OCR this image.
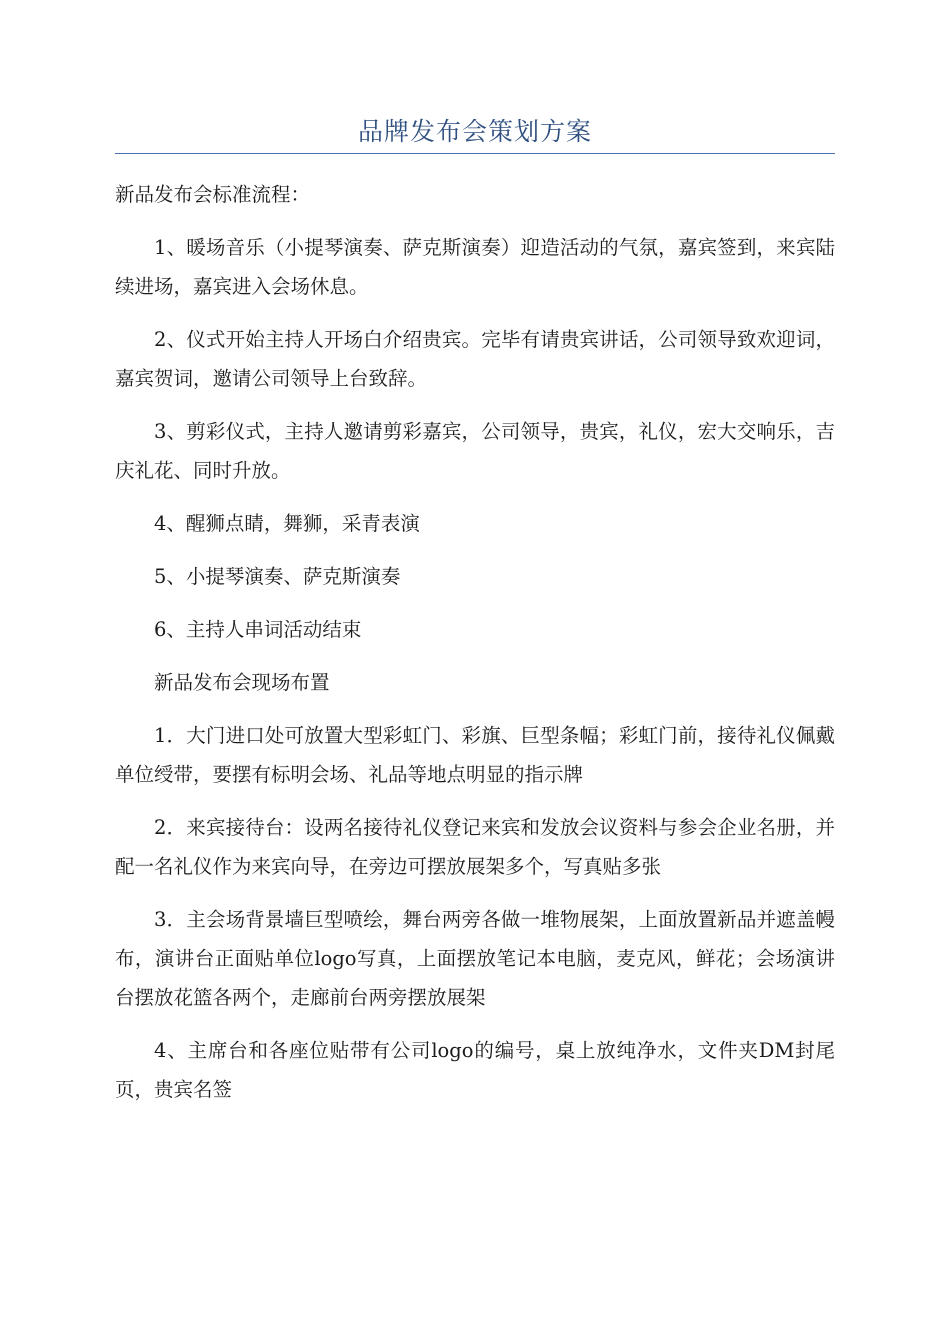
品牌发布会策划方案

新品发布会标准流程：

1、暖场音乐（小提琴演奏、萨克斯演奏）迎造活动的气氛，嘉宾签到，来宾陆续进场，嘉宾进入会场休息。

2、仪式开始主持人开场白介绍贵宾。完毕有请贵宾讲话，公司领导致欢迎词，嘉宾贺词，邀请公司领导上台致辞。

3、剪彩仪式，主持人邀请剪彩嘉宾，公司领导，贵宾，礼仪，宏大交响乐，吉庆礼花、同时升放。

4、醒狮点睛，舞狮，采青表演

5、小提琴演奏、萨克斯演奏

6、主持人串词活动结束

新品发布会现场布置

1．大门进口处可放置大型彩虹门、彩旗、巨型条幅；彩虹门前，接待礼仪佩戴单位绶带，要摆有标明会场、礼品等地点明显的指示牌

2．来宾接待台：设两名接待礼仪登记来宾和发放会议资料与参会企业名册，并配一名礼仪作为来宾向导，在旁边可摆放展架多个，写真贴多张

3．主会场背景墙巨型喷绘，舞台两旁各做一堆物展架，上面放置新品并遮盖幔布，演讲台正面贴单位logo写真，上面摆放笔记本电脑，麦克风，鲜花；会场演讲台摆放花篮各两个，走廊前台两旁摆放展架

4、主席台和各座位贴带有公司logo的编号，桌上放纯净水，文件夹DM封尾页，贵宾名签
